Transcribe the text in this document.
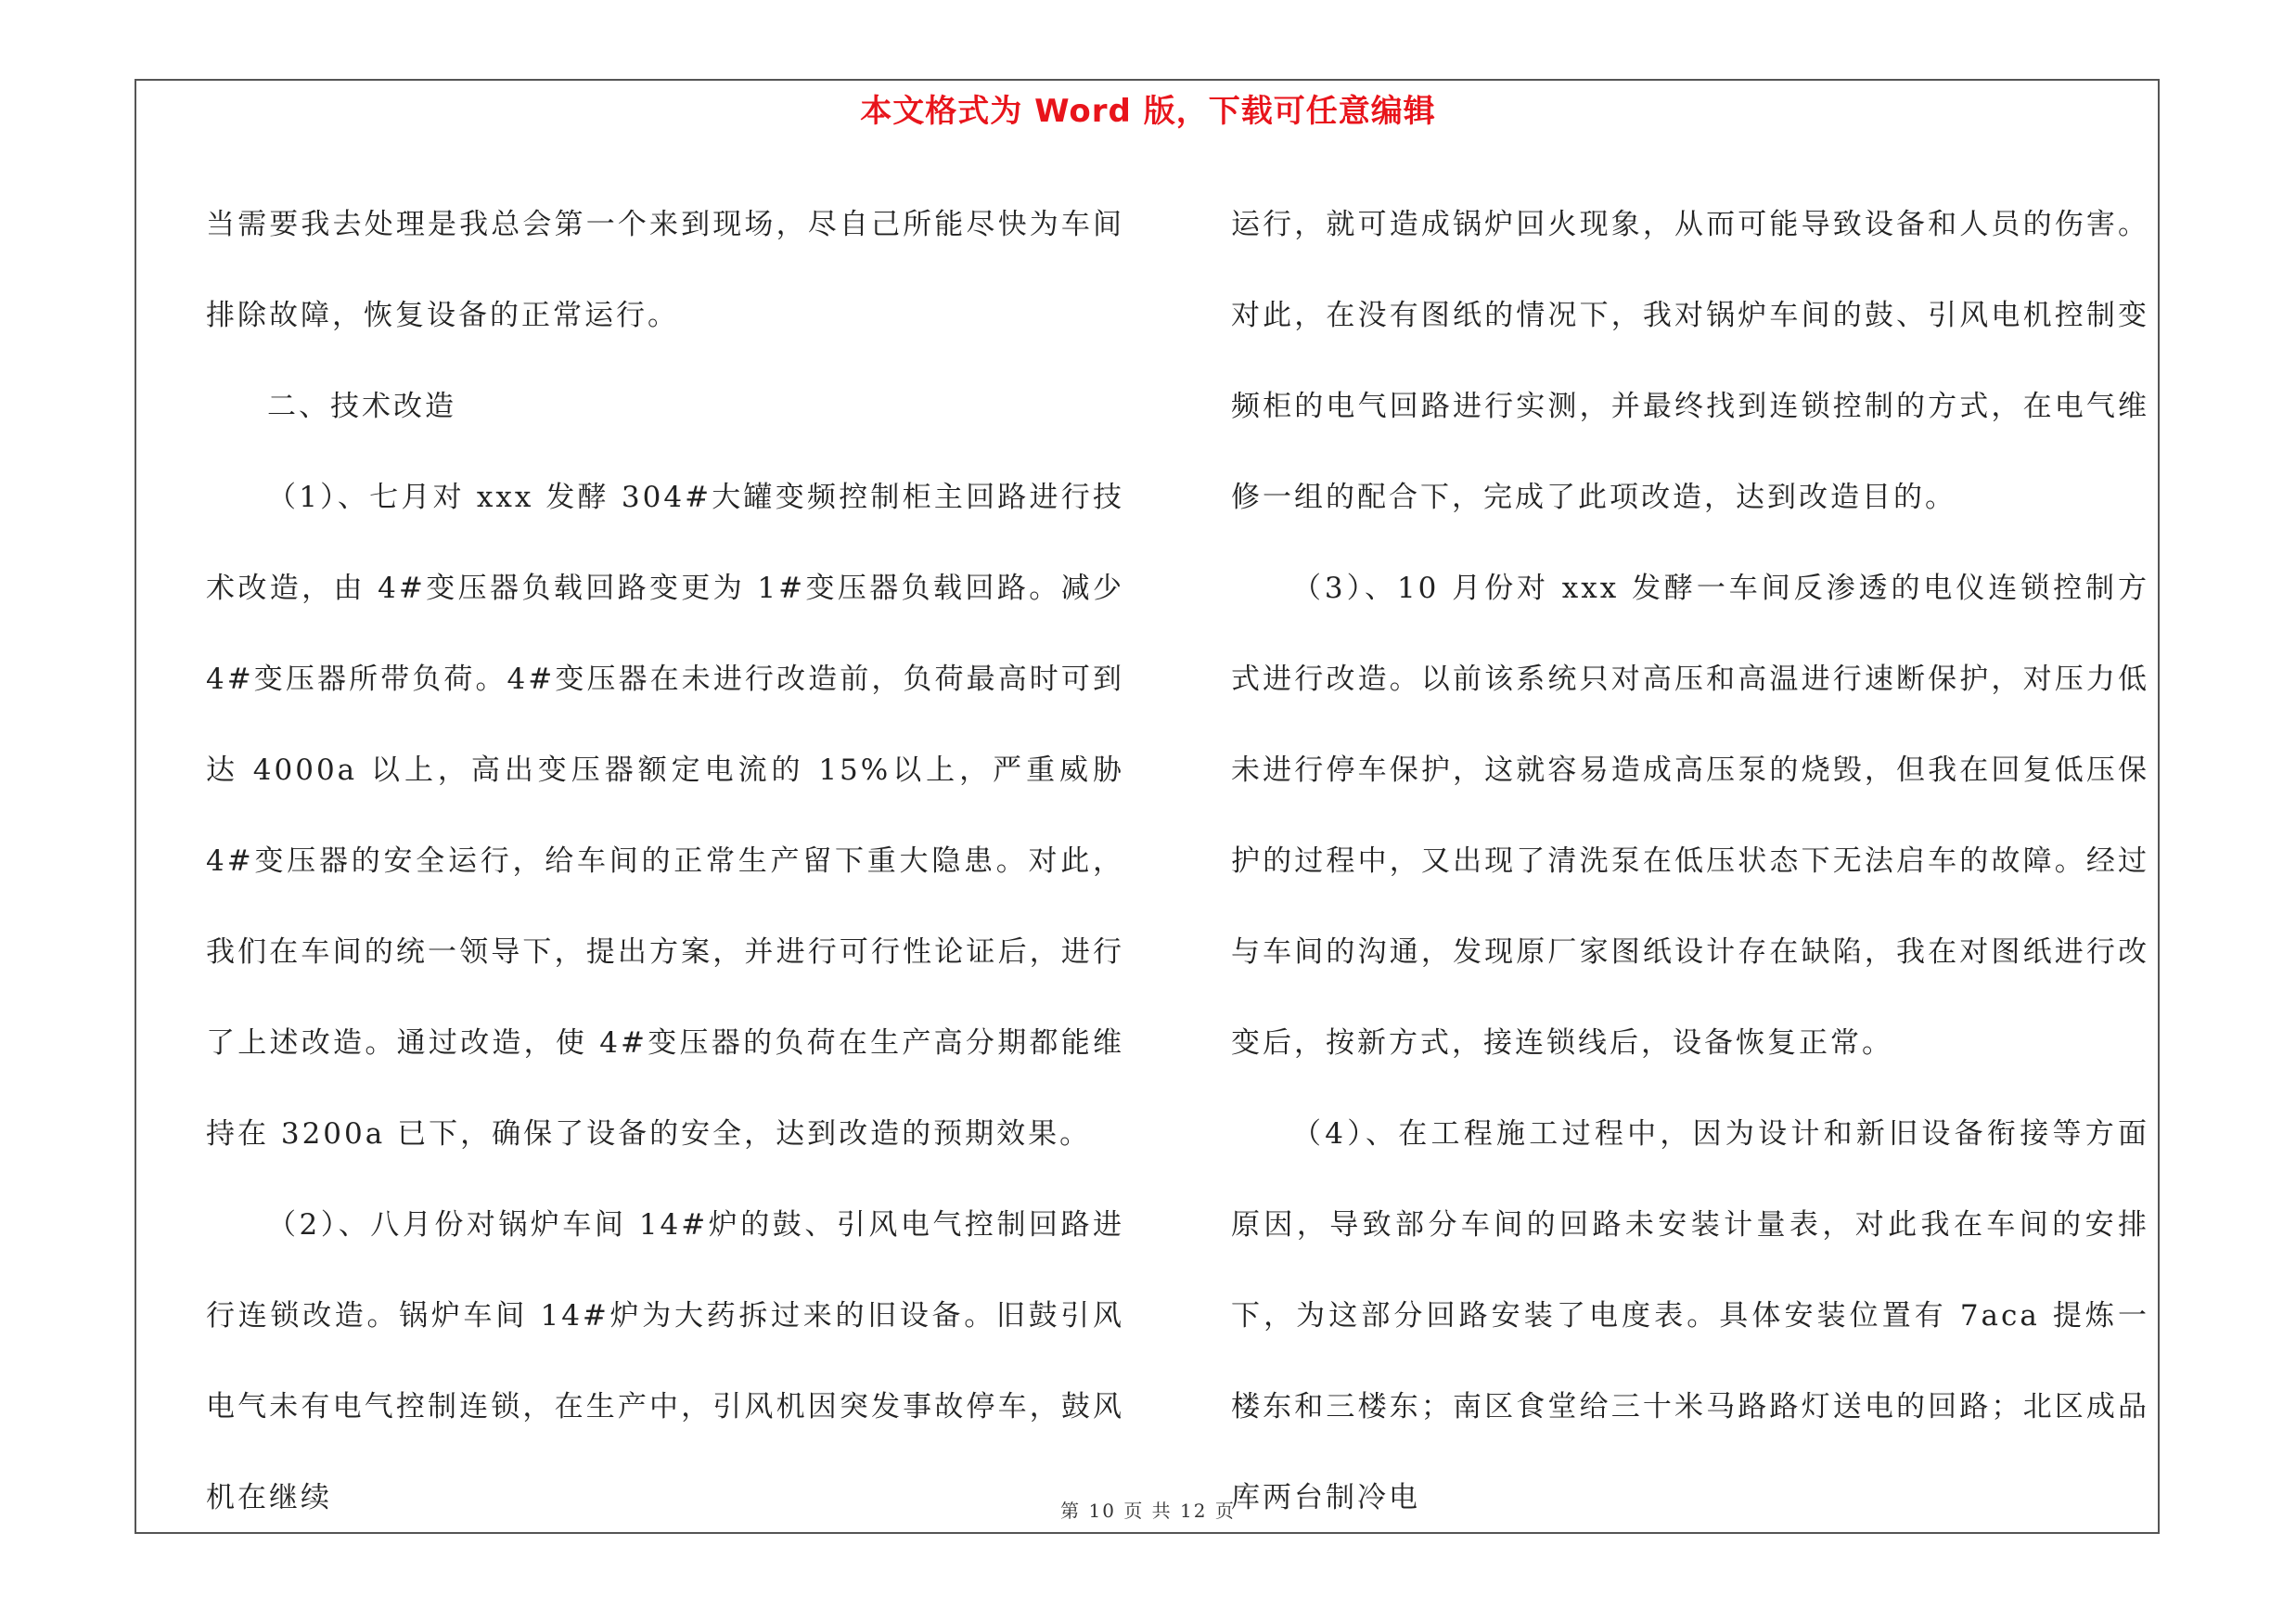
本文格式为 Word 版，下载可任意编辑

当需要我去处理是我总会第一个来到现场，尽自己所能尽快为车间排除故障，恢复设备的正常运行。

二、技术改造

（1）、七月对 xxx 发酵 304#大罐变频控制柜主回路进行技术改造，由 4#变压器负载回路变更为 1#变压器负载回路。减少 4#变压器所带负荷。4#变压器在未进行改造前，负荷最高时可到达 4000a 以上，高出变压器额定电流的 15%以上，严重威胁 4#变压器的安全运行，给车间的正常生产留下重大隐患。对此，我们在车间的统一领导下，提出方案，并进行可行性论证后，进行了上述改造。通过改造，使 4#变压器的负荷在生产高分期都能维持在 3200a 已下，确保了设备的安全，达到改造的预期效果。

（2）、八月份对锅炉车间 14#炉的鼓、引风电气控制回路进行连锁改造。锅炉车间 14#炉为大药拆过来的旧设备。旧鼓引风电气未有电气控制连锁，在生产中，引风机因突发事故停车，鼓风机在继续

运行，就可造成锅炉回火现象，从而可能导致设备和人员的伤害。对此，在没有图纸的情况下，我对锅炉车间的鼓、引风电机控制变频柜的电气回路进行实测，并最终找到连锁控制的方式，在电气维修一组的配合下，完成了此项改造，达到改造目的。

（3）、10 月份对 xxx 发酵一车间反渗透的电仪连锁控制方式进行改造。以前该系统只对高压和高温进行速断保护，对压力低未进行停车保护，这就容易造成高压泵的烧毁，但我在回复低压保护的过程中，又出现了清洗泵在低压状态下无法启车的故障。经过与车间的沟通，发现原厂家图纸设计存在缺陷，我在对图纸进行改变后，按新方式，接连锁线后，设备恢复正常。

（4）、在工程施工过程中，因为设计和新旧设备衔接等方面原因，导致部分车间的回路未安装计量表，对此我在车间的安排下，为这部分回路安装了电度表。具体安装位置有 7aca 提炼一楼东和三楼东；南区食堂给三十米马路路灯送电的回路；北区成品库两台制冷电

第 10 页 共 12 页
